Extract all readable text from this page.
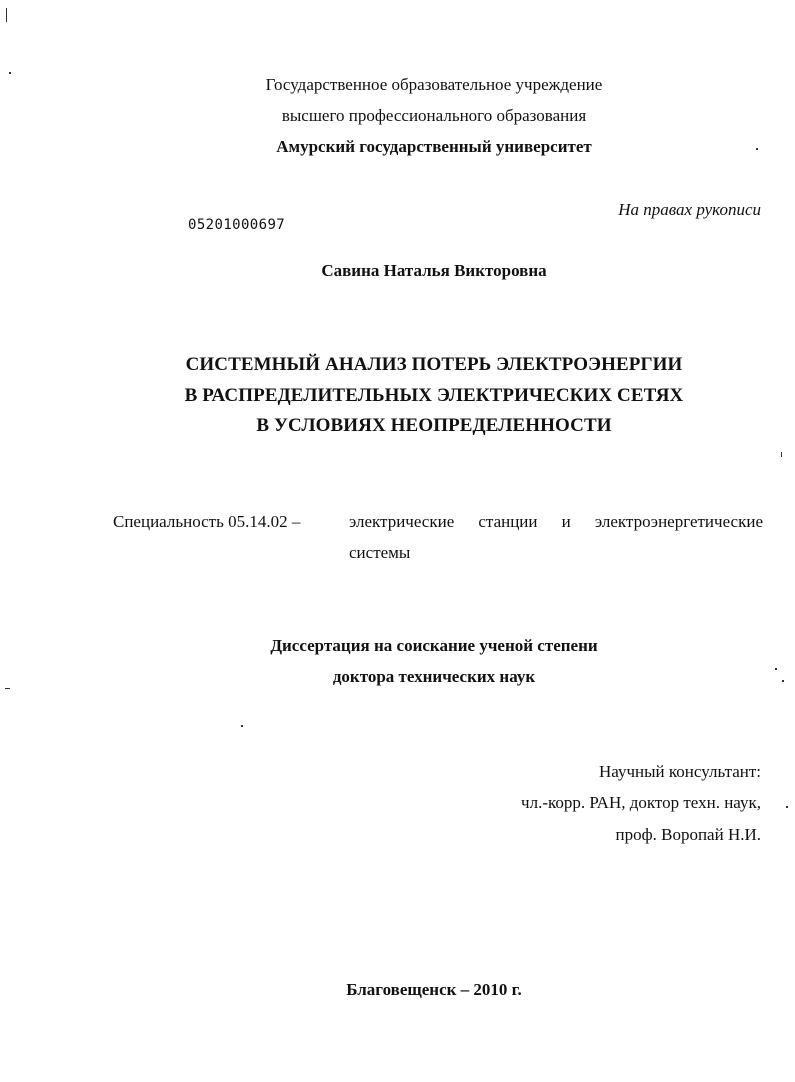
Государственное образовательное учреждение
высшего профессионального образования
Амурский государственный университет
На правах рукописи
05201000697
Савина Наталья Викторовна
СИСТЕМНЫЙ АНАЛИЗ ПОТЕРЬ ЭЛЕКТРОЭНЕРГИИ
В РАСПРЕДЕЛИТЕЛЬНЫХ ЭЛЕКТРИЧЕСКИХ СЕТЯХ
В УСЛОВИЯХ НЕОПРЕДЕЛЕННОСТИ
Специальность 05.14.02 –	электрические станции и электроэнергетические
системы
Диссертация на соискание ученой степени
доктора технических наук
Научный консультант:
чл.-корр. РАН, доктор техн. наук,
проф. Воропай Н.И.
Благовещенск – 2010 г.
